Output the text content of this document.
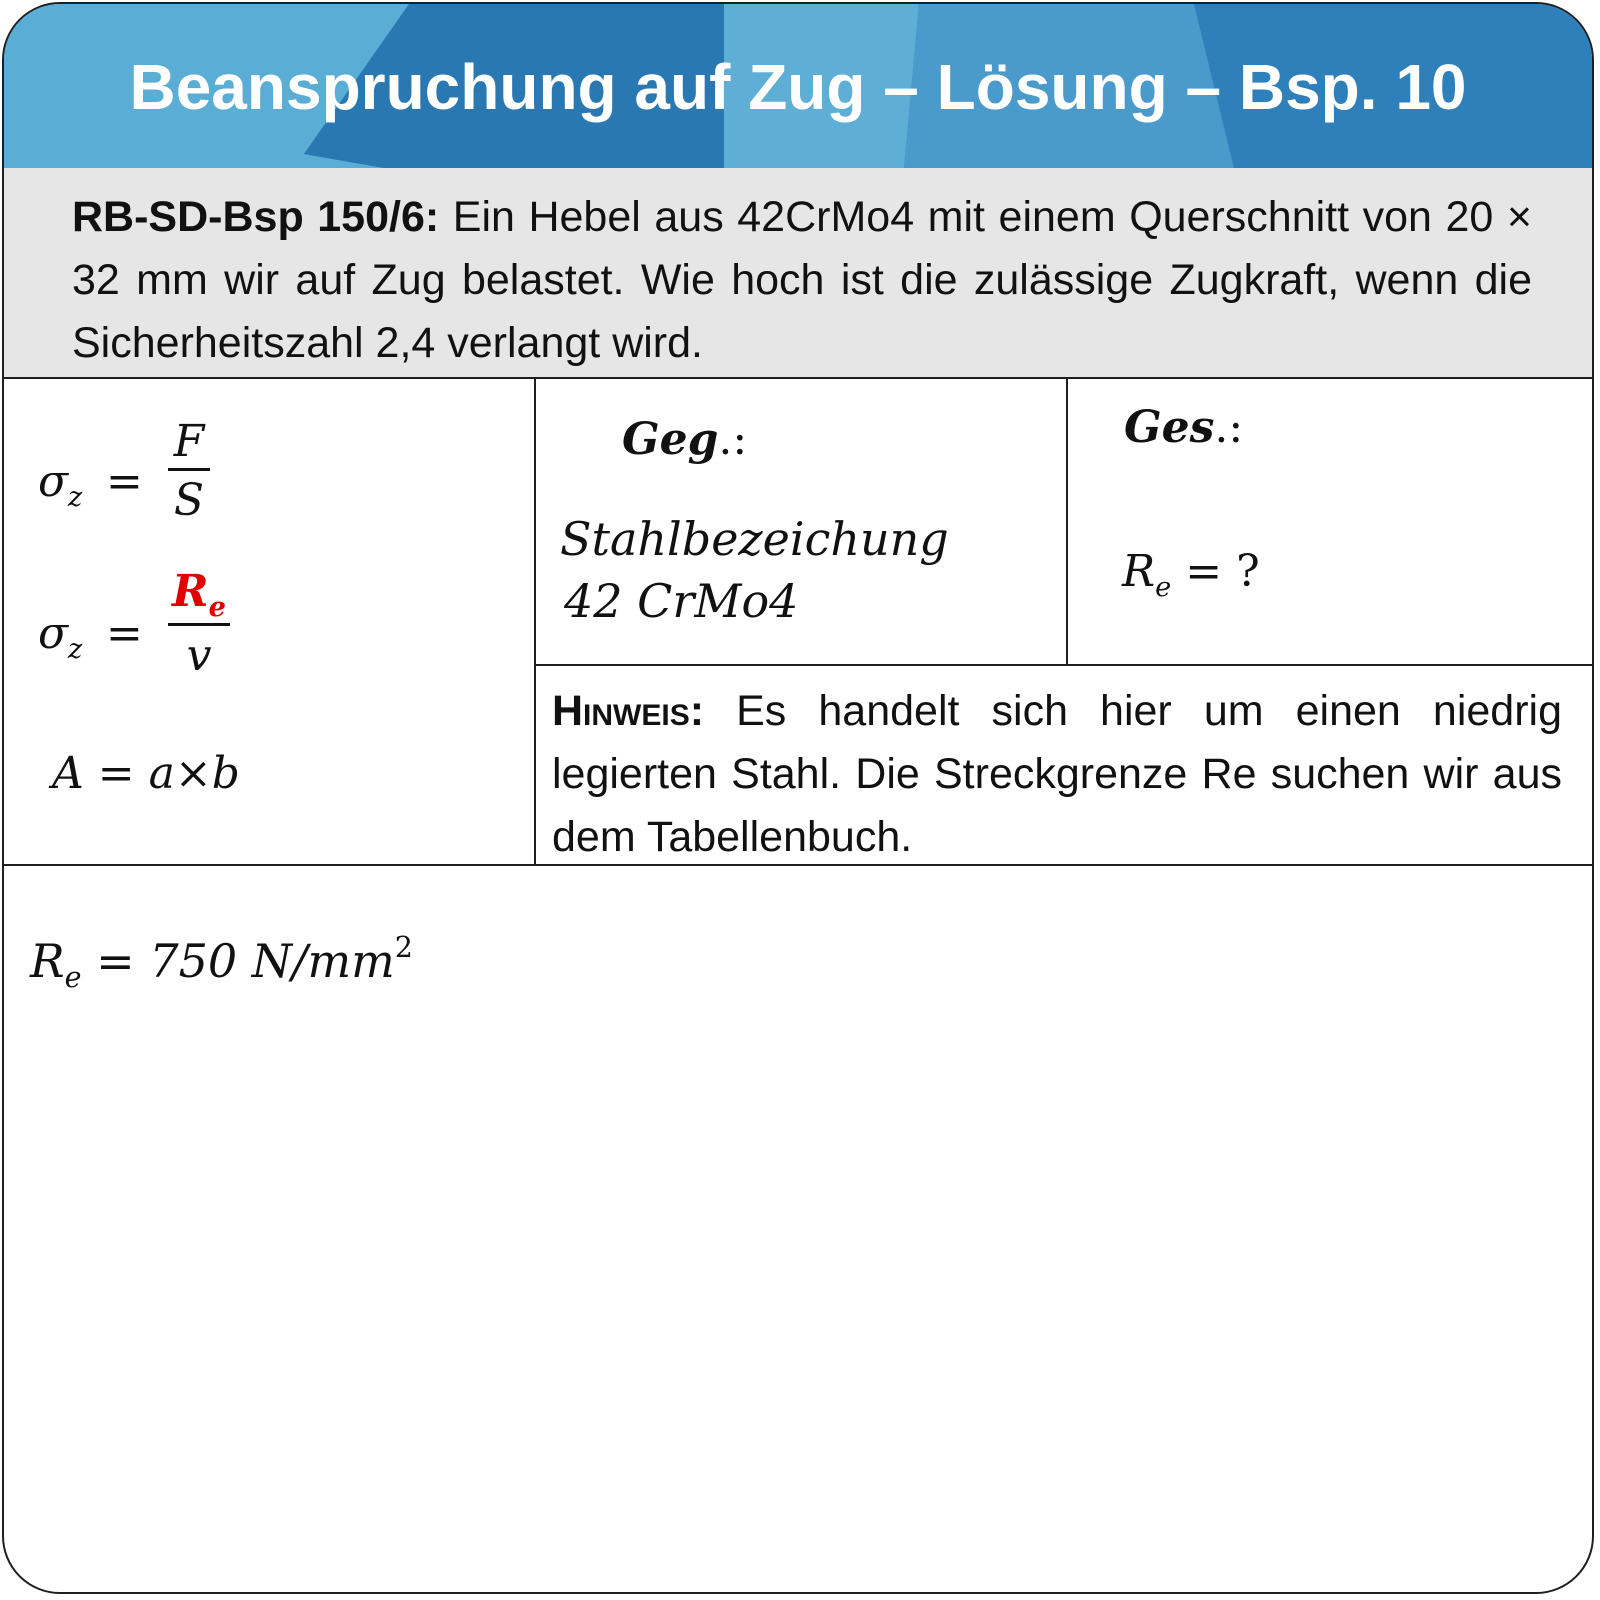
Beanspruchung auf Zug – Lösung – Bsp. 10

RB-SD-Bsp 150/6: Ein Hebel aus 42CrMo4 mit einem Querschnitt von 20 × 32 mm wir auf Zug belastet. Wie hoch ist die zulässige Zugkraft, wenn die Sicherheitszahl 2,4 verlangt wird.

$\sigma_z$ =
F
S
$\sigma_z$ =
$R_e$
v
A = a×b
Geg.:
Stahlbezeichung
42 CrMo4
Ges.:
$R_e$ = ?

Hinweis: Es handelt sich hier um einen niedrig legierten Stahl. Die Streckgrenze Re suchen wir aus dem Tabellenbuch.

$R_e = 750$ $N/mm^2$
